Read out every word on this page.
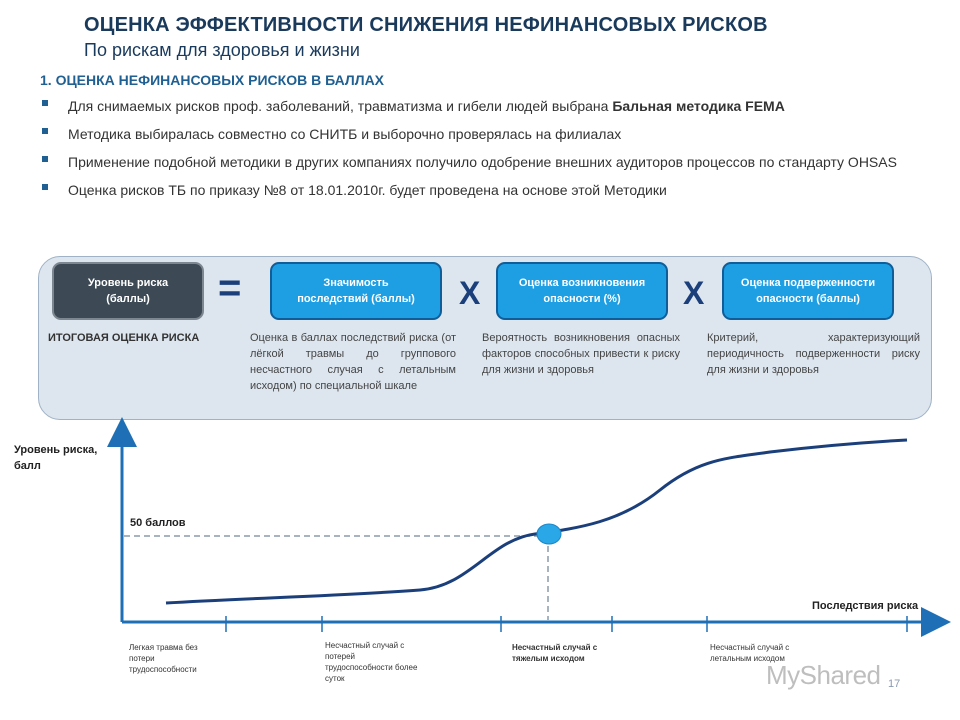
ОЦЕНКА ЭФФЕКТИВНОСТИ СНИЖЕНИЯ НЕФИНАНСОВЫХ РИСКОВ
По рискам для здоровья и жизни
1. ОЦЕНКА НЕФИНАНСОВЫХ РИСКОВ В БАЛЛАХ
Для снимаемых рисков проф. заболеваний, травматизма и гибели людей выбрана Бальная методика FEMA
Методика выбиралась совместно со СНИТБ и выборочно проверялась на филиалах
Применение подобной методики в других компаниях получило одобрение внешних аудиторов процессов по стандарту OHSAS
Оценка рисков ТБ по приказу №8 от 18.01.2010г. будет проведена на основе этой Методики
Уровень риска (баллы)	=	Значимость последствий (баллы)	X	Оценка возникновения опасности (%)	X	Оценка подверженности опасности (баллы)
ИТОГОВАЯ ОЦЕНКА РИСКА	Оценка в баллах последствий риска (от лёгкой травмы до группового несчастного случая с летальным исходом) по специальной шкале
Вероятность возникновения опасных факторов способных привести к риску для жизни и здоровья
Критерий, характеризующий периодичность подверженности риску для жизни и здоровья
Уровень риска, балл
50 баллов
Последствия риска
Легкая травма без потери трудоспособности
Несчастный случай с потерей трудоспособности более суток
Несчастный случай с тяжелым исходом
Несчастный случай с летальным исходом
MyShared 17
